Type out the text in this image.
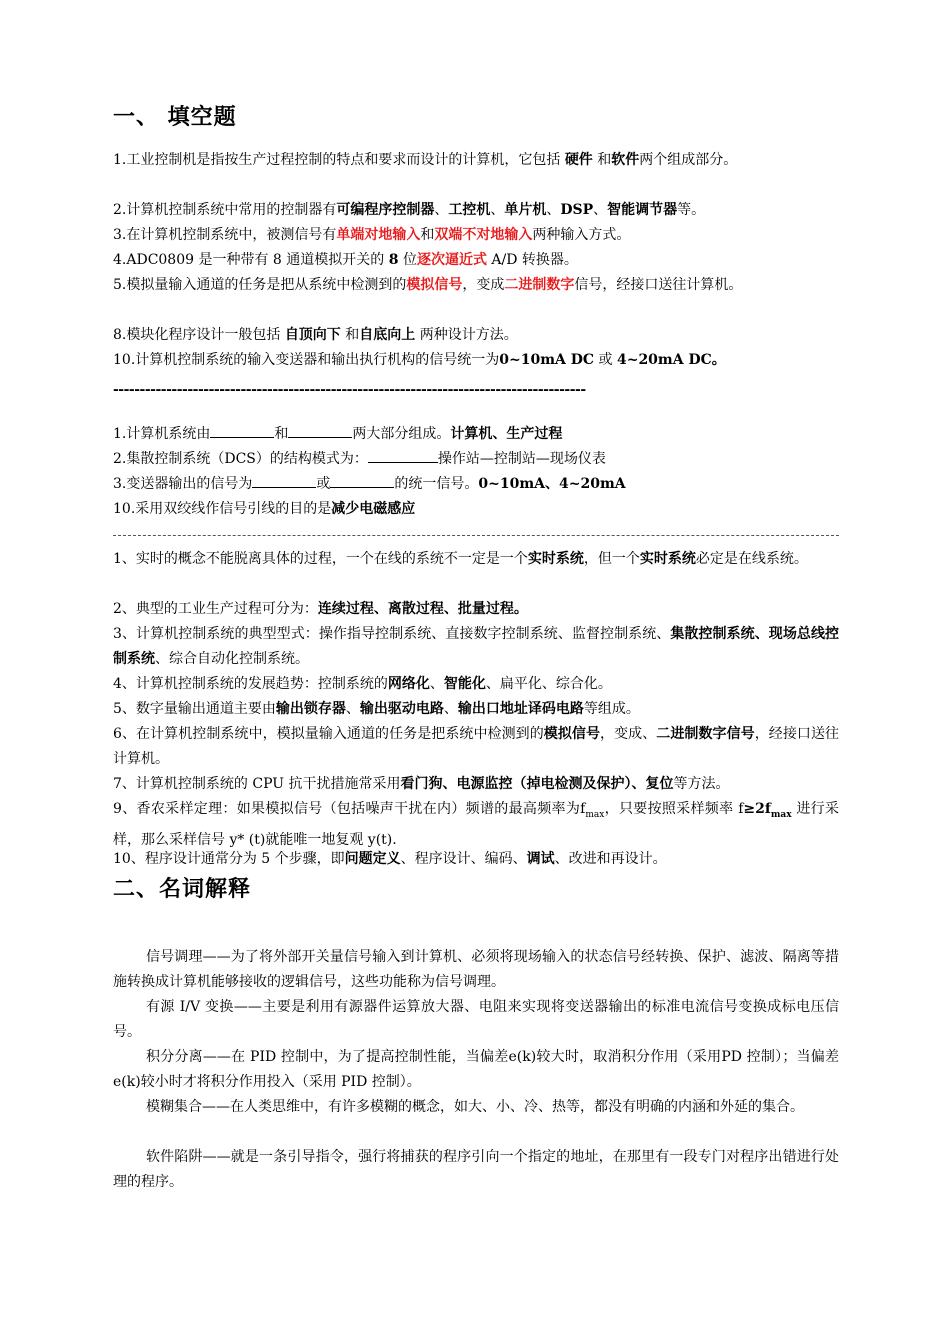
一、 填空题
1.工业控制机是指按生产过程控制的特点和要求而设计的计算机，它包括 硬件 和软件两个组成部分。
2.计算机控制系统中常用的控制器有可编程序控制器、工控机、单片机、DSP、智能调节器等。
3.在计算机控制系统中，被测信号有单端对地输入和双端不对地输入两种输入方式。
4.ADC0809 是一种带有 8 通道模拟开关的 8 位逐次逼近式 A/D 转换器。
5.模拟量输入通道的任务是把从系统中检测到的模拟信号，变成二进制数字信号，经接口送往计算机。
8.模块化程序设计一般包括 自顶向下 和自底向上 两种设计方法。
10.计算机控制系统的输入变送器和输出执行机构的信号统一为0~10mA DC 或 4~20mA DC。
-----------------------------------------------------------------------------------------
1.计算机系统由	和	两大部分组成。计算机、生产过程
2.集散控制系统（DCS）的结构模式为：	操作站—控制站—现场仪表
3.变送器输出的信号为	或	的统一信号。0~10mA、4~20mA
10.采用双绞线作信号引线的目的是减少电磁感应
1、实时的概念不能脱离具体的过程，一个在线的系统不一定是一个实时系统，但一个实时系统必定是在线系统。
2、典型的工业生产过程可分为：连续过程、离散过程、批量过程。
3、计算机控制系统的典型型式：操作指导控制系统、直接数字控制系统、监督控制系统、集散控制系统、现场总线控制系统、综合自动化控制系统。
4、计算机控制系统的发展趋势：控制系统的网络化、智能化、扁平化、综合化。
5、数字量输出通道主要由输出锁存器、输出驱动电路、输出口地址译码电路等组成。
6、在计算机控制系统中，模拟量输入通道的任务是把系统中检测到的模拟信号，变成、二进制数字信号，经接口送往计算机。
7、计算机控制系统的 CPU 抗干扰措施常采用看门狗、电源监控（掉电检测及保护）、复位等方法。
9、香农采样定理：如果模拟信号（包括噪声干扰在内）频谱的最高频率为$f_{max}$，只要按照采样频率 $f\ge 2f_{max}$ 进行采样，那么采样信号 y* (t)就能唯一地复观 y(t).
10、程序设计通常分为 5 个步骤，即问题定义、程序设计、编码、调试、改进和再设计。
二、名词解释
信号调理——为了将外部开关量信号输入到计算机、必须将现场输入的状态信号经转换、保护、滤波、隔离等措施转换成计算机能够接收的逻辑信号，这些功能称为信号调理。
有源 I/V 变换——主要是利用有源器件运算放大器、电阻来实现将变送器输出的标准电流信号变换成标电压信号。
积分分离——在 PID 控制中，为了提高控制性能，当偏差e(k)较大时，取消积分作用（采用PD 控制）；当偏差 e(k)较小时才将积分作用投入（采用 PID 控制）。
模糊集合——在人类思维中，有许多模糊的概念，如大、小、冷、热等，都没有明确的内涵和外延的集合。
软件陷阱——就是一条引导指令，强行将捕获的程序引向一个指定的地址，在那里有一段专门对程序出错进行处理的程序。
